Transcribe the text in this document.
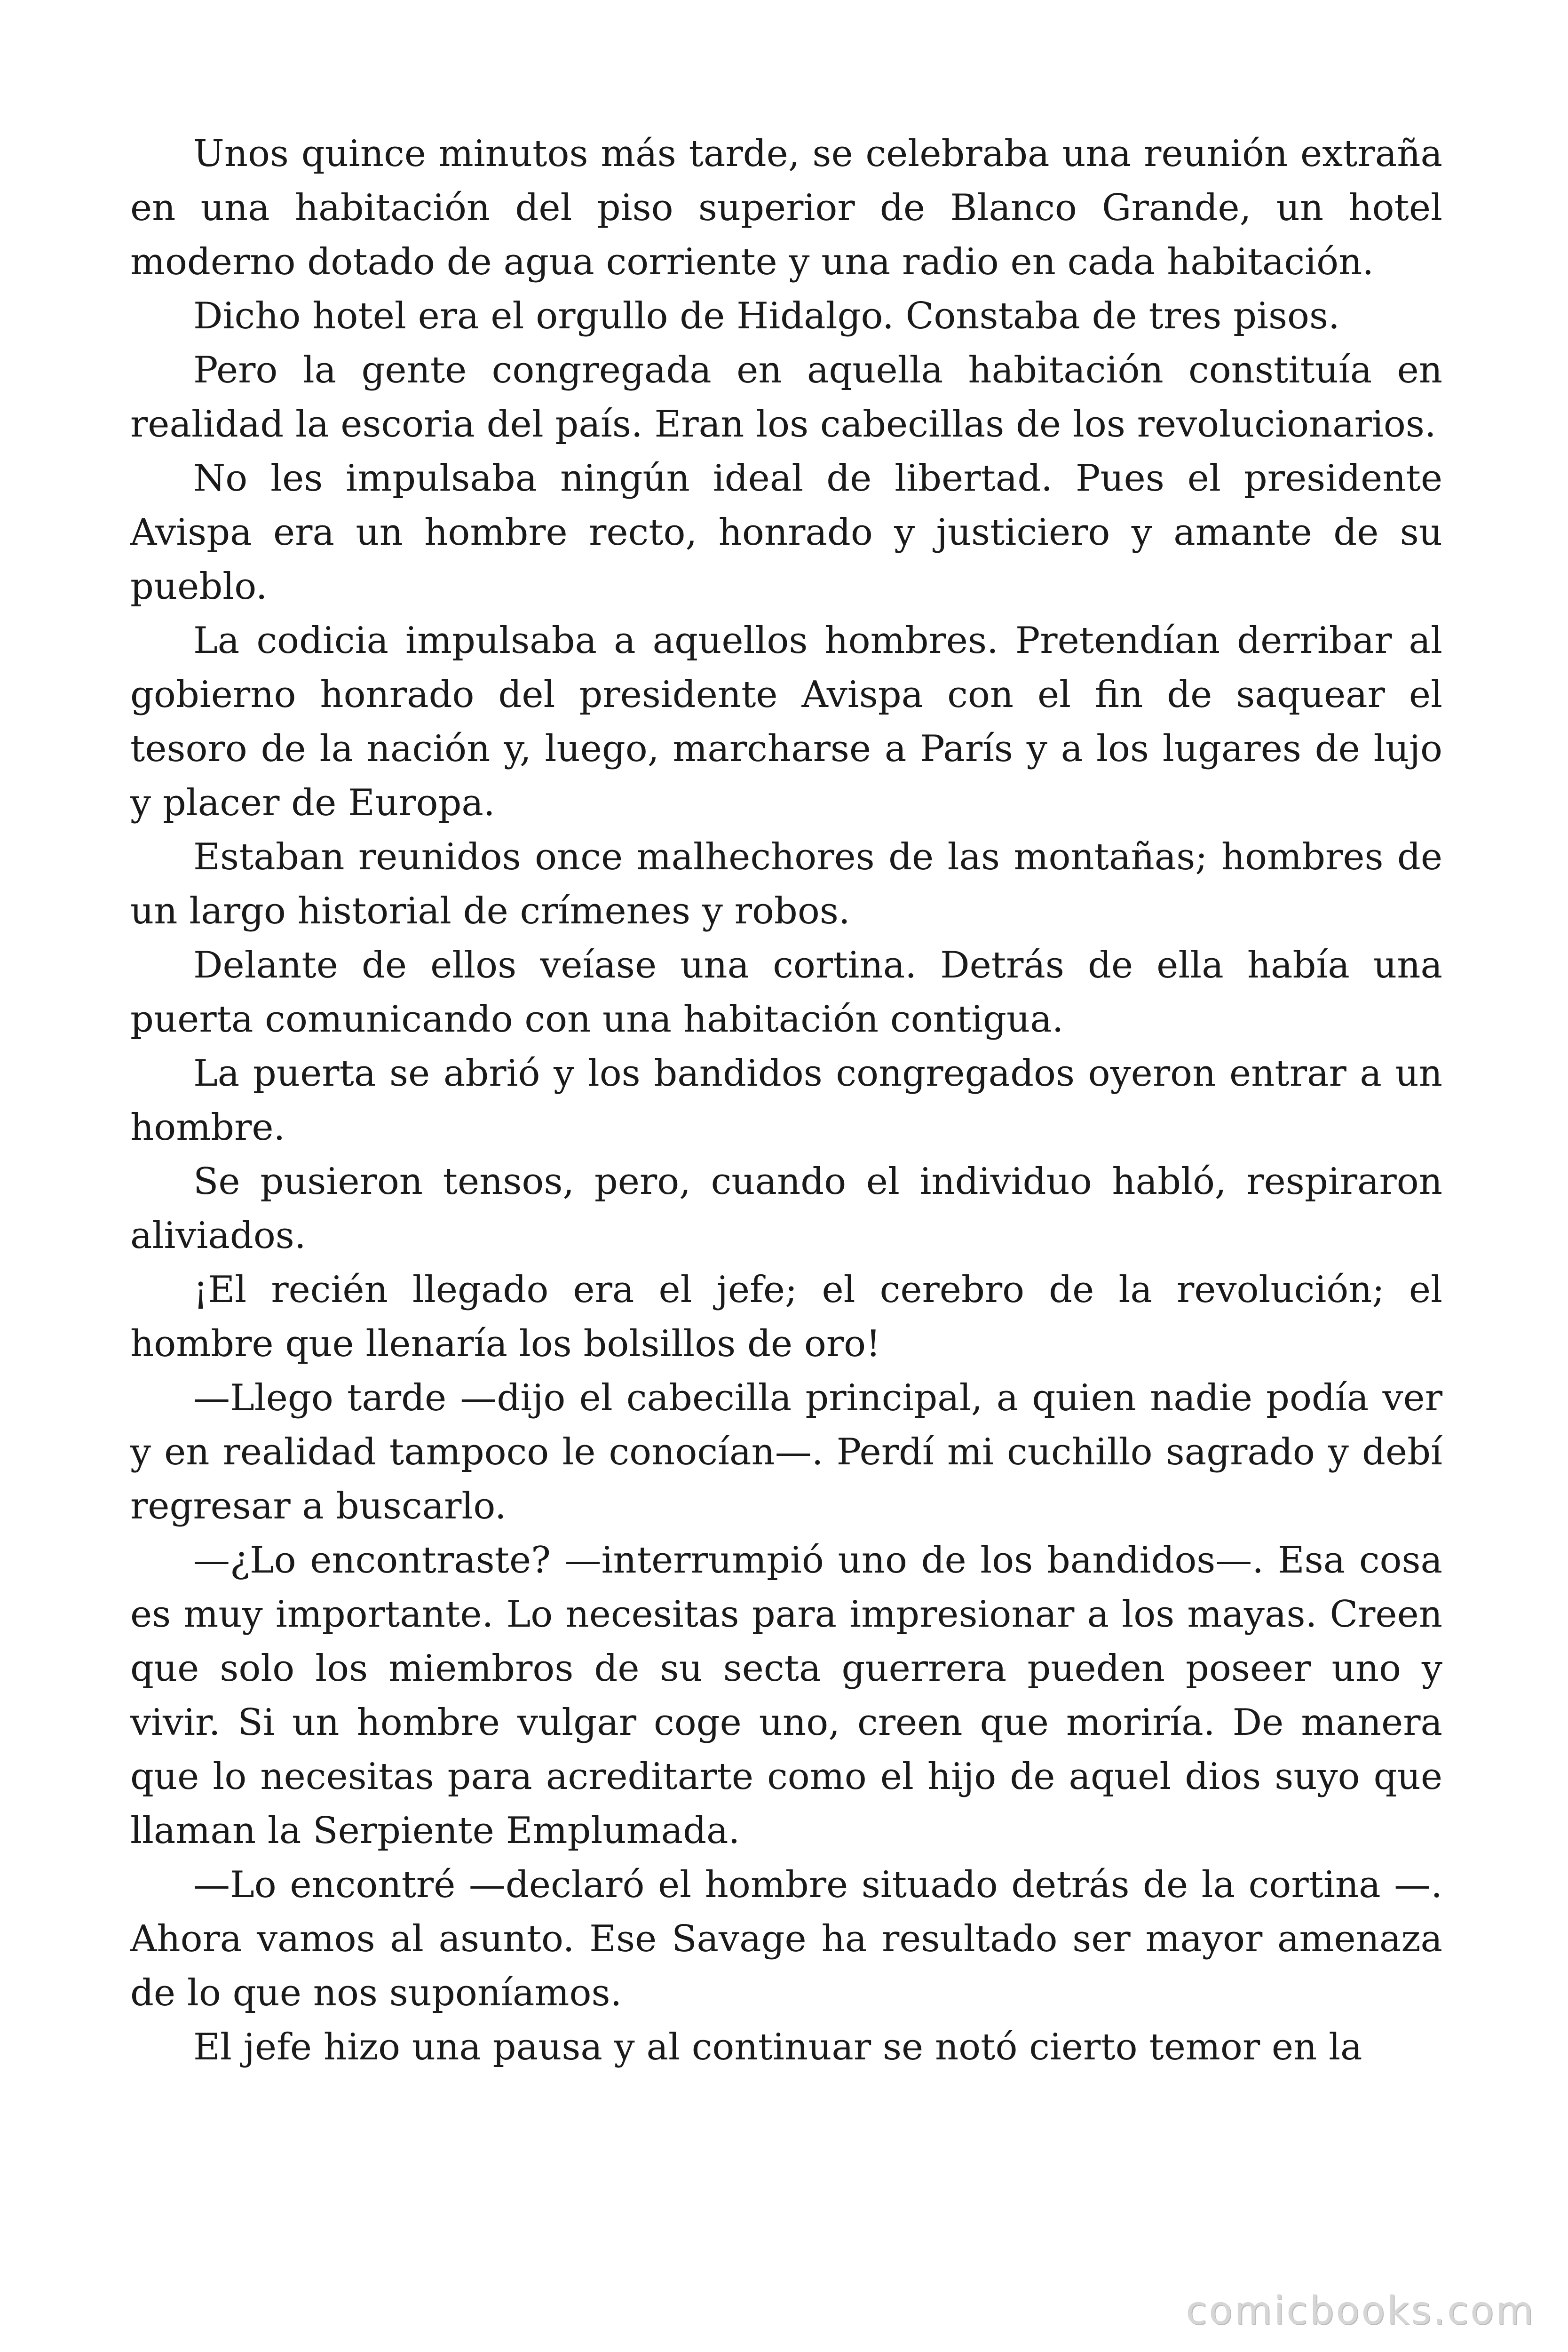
Unos quince minutos más tarde, se celebraba una reunión extraña en una habitación del piso superior de Blanco Grande, un hotel moderno dotado de agua corriente y una radio en cada habitación.

Dicho hotel era el orgullo de Hidalgo. Constaba de tres pisos.

Pero la gente congregada en aquella habitación constituía en realidad la escoria del país. Eran los cabecillas de los revolucionarios.

No les impulsaba ningún ideal de libertad. Pues el presidente Avispa era un hombre recto, honrado y justiciero y amante de su pueblo.

La codicia impulsaba a aquellos hombres. Pretendían derribar al gobierno honrado del presidente Avispa con el fin de saquear el tesoro de la nación y, luego, marcharse a París y a los lugares de lujo y placer de Europa.

Estaban reunidos once malhechores de las montañas; hombres de un largo historial de crímenes y robos.

Delante de ellos veíase una cortina. Detrás de ella había una puerta comunicando con una habitación contigua.

La puerta se abrió y los bandidos congregados oyeron entrar a un hombre.

Se pusieron tensos, pero, cuando el individuo habló, respiraron aliviados.

¡El recién llegado era el jefe; el cerebro de la revolución; el hombre que llenaría los bolsillos de oro!

—Llego tarde —dijo el cabecilla principal, a quien nadie podía ver y en realidad tampoco le conocían—. Perdí mi cuchillo sagrado y debí regresar a buscarlo.

—¿Lo encontraste? —interrumpió uno de los bandidos—. Esa cosa es muy importante. Lo necesitas para impresionar a los mayas. Creen que solo los miembros de su secta guerrera pueden poseer uno y vivir. Si un hombre vulgar coge uno, creen que moriría. De manera que lo necesitas para acreditarte como el hijo de aquel dios suyo que llaman la Serpiente Emplumada.

—Lo encontré —declaró el hombre situado detrás de la cortina —. Ahora vamos al asunto. Ese Savage ha resultado ser mayor amenaza de lo que nos suponíamos.

El jefe hizo una pausa y al continuar se notó cierto temor en la

comicbooks.com
